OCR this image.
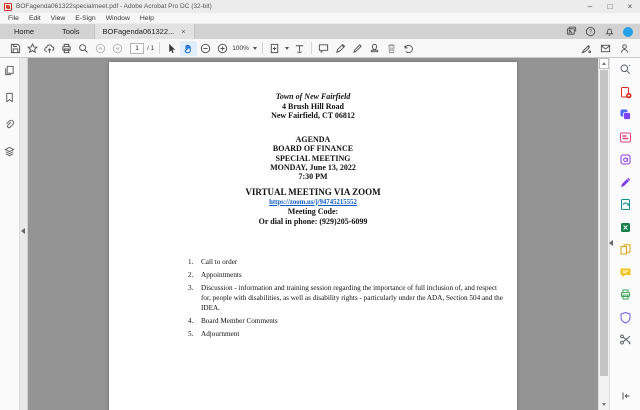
BOFagenda061322specialmeet.pdf - Adobe Acrobat Pro DC (32-bit)	–	□	×
File	Edit	View	E-Sign	Window	Help
Home	Tools	BOFagenda061322... ×	?
1	/ 1	100%
Town of New Fairfield
4 Brush Hill Road
New Fairfield, CT 06812
AGENDA
BOARD OF FINANCE
SPECIAL MEETING
MONDAY, June 13, 2022
7:30 PM
VIRTUAL MEETING VIA ZOOM
https://zoom.us/j/94745215552
Meeting Code:
Or dial in phone: (929)205-6099
1. Call to order
2. Appointments
3. Discussion - information and training session regarding the importance of full inclusion of, and respect for, people with disabilities, as well as disability rights - particularly under the ADA, Section 504 and the IDEA.
4. Board Member Comments
5. Adjournment
